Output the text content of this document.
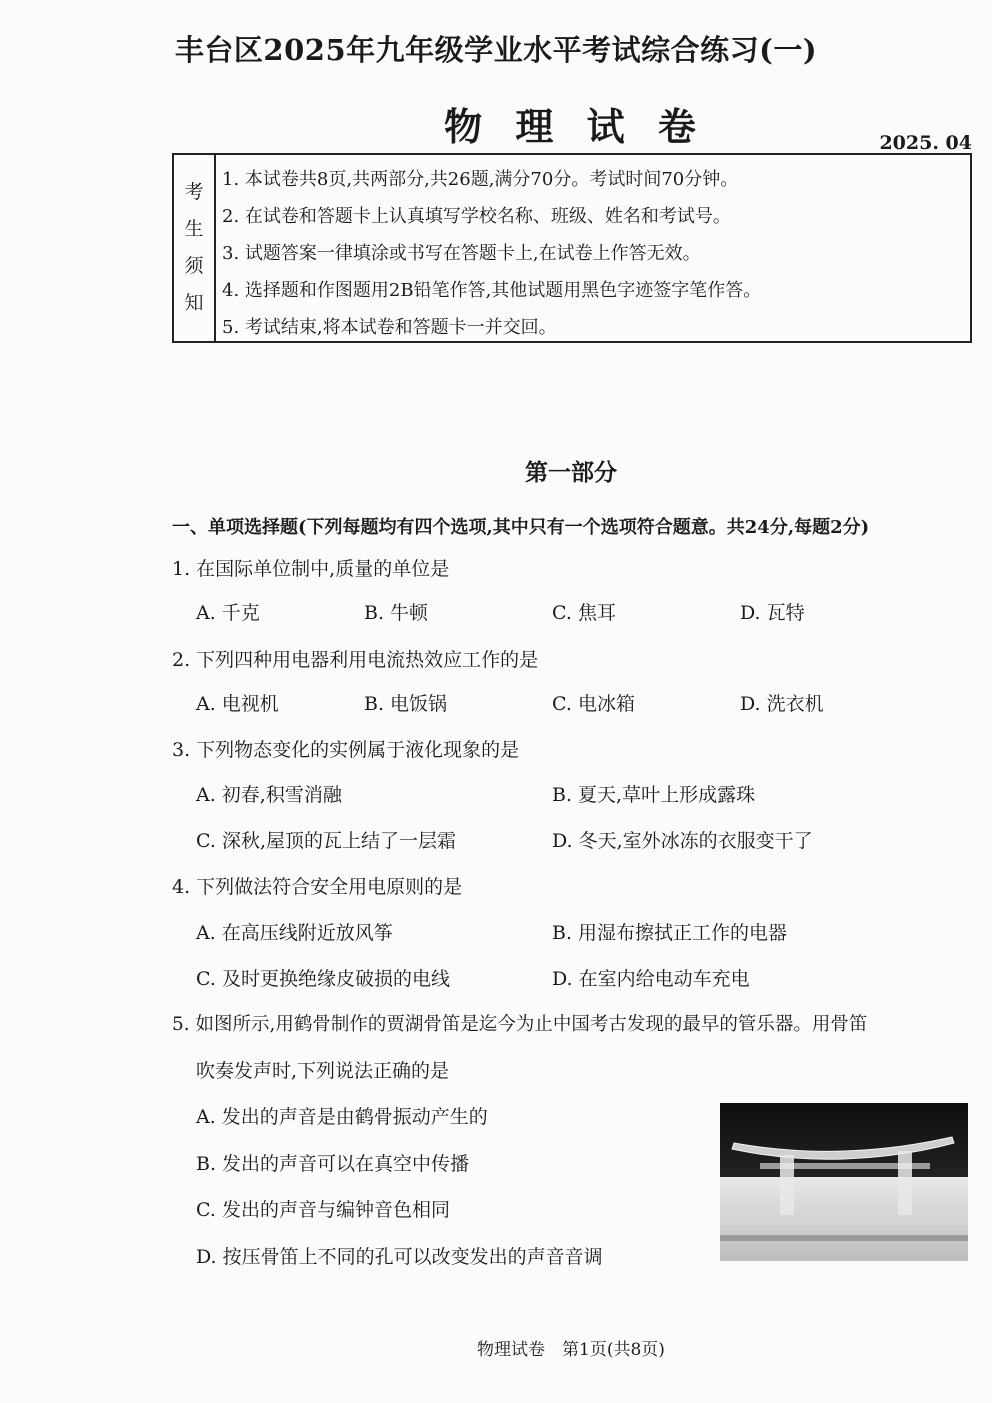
丰台区2025年九年级学业水平考试综合练习(一)
物 理 试 卷	2025. 04
考
生
须
知
1. 本试卷共8页,共两部分,共26题,满分70分。考试时间70分钟。
2. 在试卷和答题卡上认真填写学校名称、班级、姓名和考试号。
3. 试题答案一律填涂或书写在答题卡上,在试卷上作答无效。
4. 选择题和作图题用2B铅笔作答,其他试题用黑色字迹签字笔作答。
5. 考试结束,将本试卷和答题卡一并交回。
第一部分
一、单项选择题(下列每题均有四个选项,其中只有一个选项符合题意。共24分,每题2分)
1. 在国际单位制中,质量的单位是
A. 千克	B. 牛顿	C. 焦耳	D. 瓦特
2. 下列四种用电器利用电流热效应工作的是
A. 电视机	B. 电饭锅	C. 电冰箱	D. 洗衣机
3. 下列物态变化的实例属于液化现象的是
A. 初春,积雪消融	B. 夏天,草叶上形成露珠
C. 深秋,屋顶的瓦上结了一层霜	D. 冬天,室外冰冻的衣服变干了
4. 下列做法符合安全用电原则的是
A. 在高压线附近放风筝	B. 用湿布擦拭正工作的电器
C. 及时更换绝缘皮破损的电线	D. 在室内给电动车充电
5. 如图所示,用鹤骨制作的贾湖骨笛是迄今为止中国考古发现的最早的管乐器。用骨笛
吹奏发声时,下列说法正确的是
A. 发出的声音是由鹤骨振动产生的
B. 发出的声音可以在真空中传播
C. 发出的声音与编钟音色相同
D. 按压骨笛上不同的孔可以改变发出的声音音调
物理试卷　第1页(共8页)
